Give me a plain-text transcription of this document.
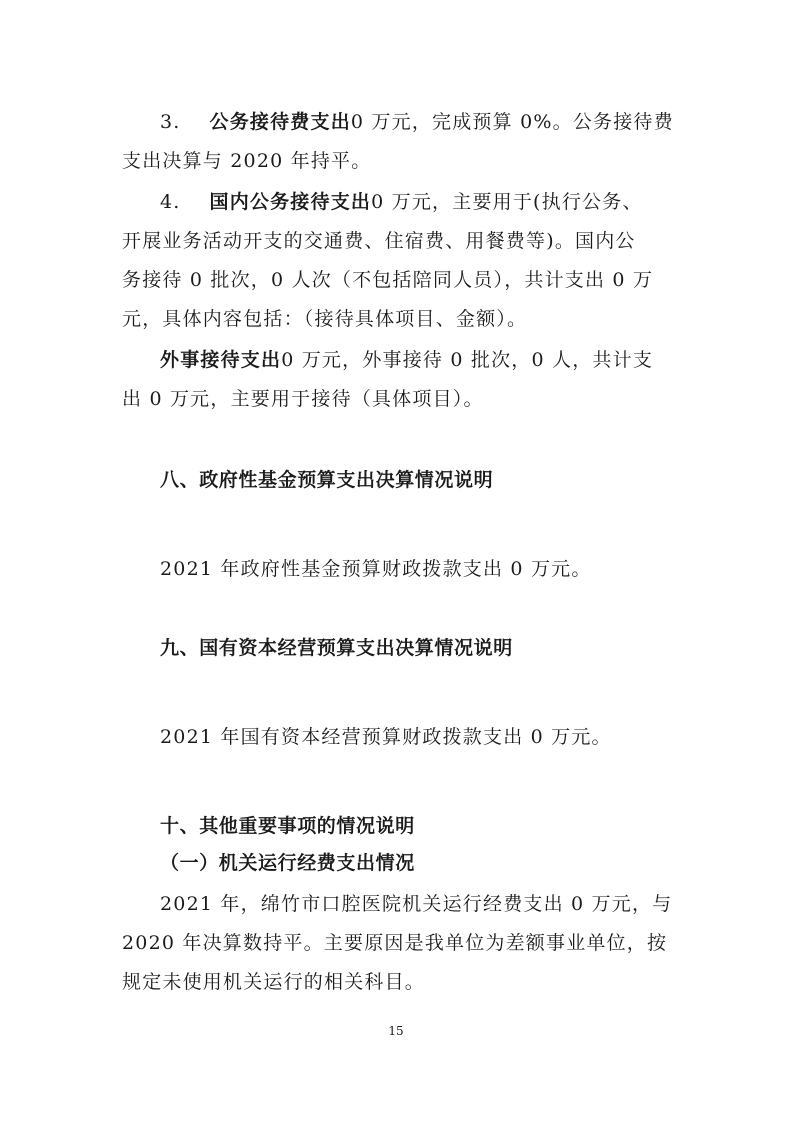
3. 公务接待费支出0 万元，完成预算 0%。公务接待费
支出决算与 2020 年持平。
4. 国内公务接待支出0 万元，主要用于(执行公务、
开展业务活动开支的交通费、住宿费、用餐费等)。国内公
务接待 0 批次，0 人次（不包括陪同人员），共计支出 0 万
元，具体内容包括：（接待具体项目、金额）。
外事接待支出0 万元，外事接待 0 批次，0 人，共计支
出 0 万元，主要用于接待（具体项目）。
八、政府性基金预算支出决算情况说明
2021 年政府性基金预算财政拨款支出 0 万元。
九、国有资本经营预算支出决算情况说明
2021 年国有资本经营预算财政拨款支出 0 万元。
十、其他重要事项的情况说明
（一）机关运行经费支出情况
2021 年，绵竹市口腔医院机关运行经费支出 0 万元，与
2020 年决算数持平。主要原因是我单位为差额事业单位，按
规定未使用机关运行的相关科目。
15
